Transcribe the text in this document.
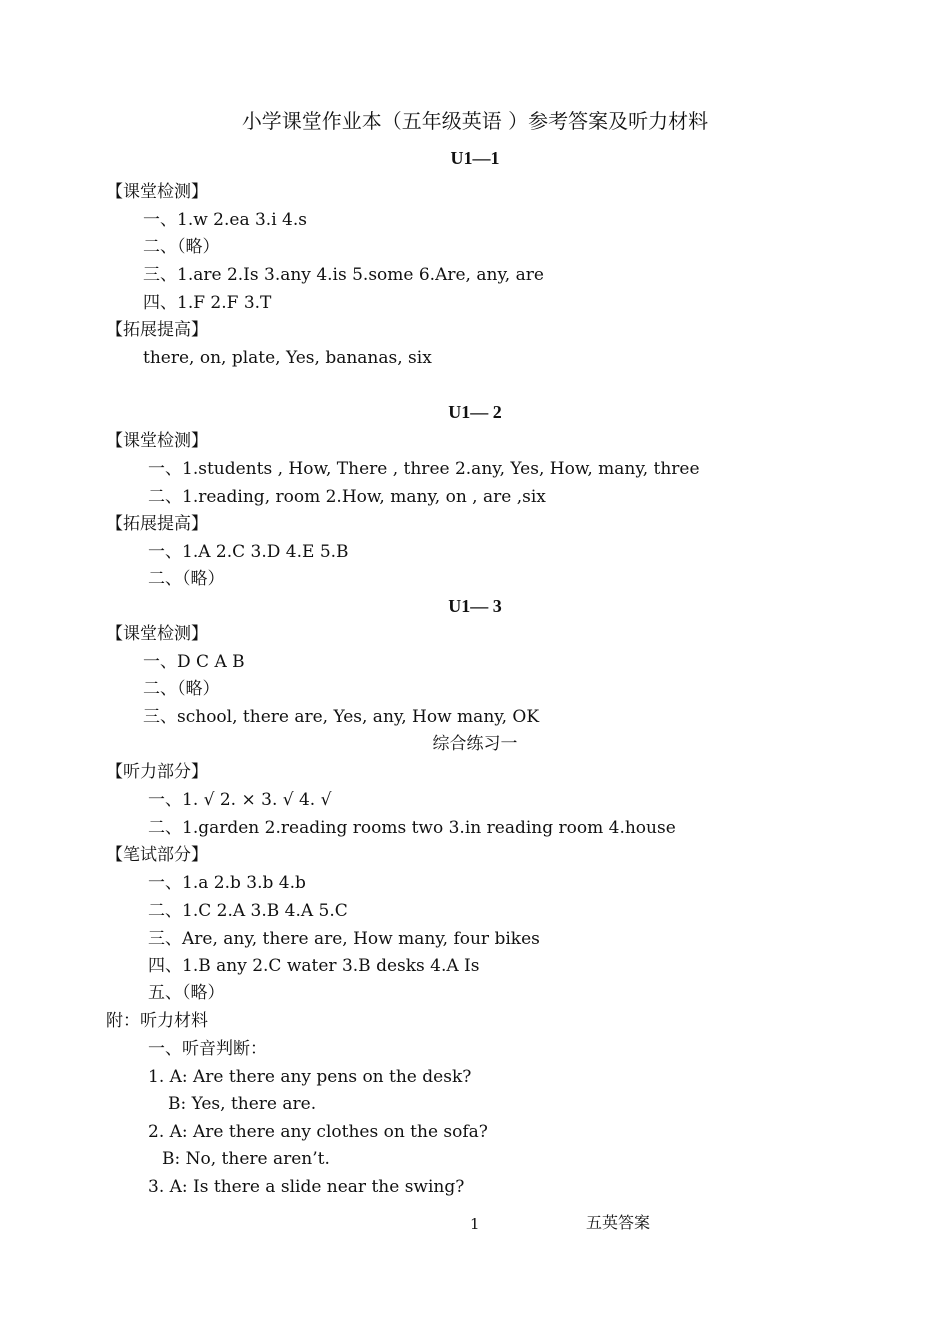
小学课堂作业本（五年级英语 ）参考答案及听力材料
U1—1
【课堂检测】
一、1.w 2.ea 3.i 4.s
二、（略）
三、1.are 2.Is 3.any 4.is 5.some 6.Are, any, are
四、1.F 2.F 3.T
【拓展提高】
there, on, plate, Yes, bananas, six
U1— 2
【课堂检测】
一、1.students , How, There , three 2.any, Yes, How, many, three
二、1.reading, room 2.How, many, on , are ,six
【拓展提高】
一、1.A 2.C 3.D 4.E 5.B
二、（略）
U1— 3
【课堂检测】
一、D C A B
二、（略）
三、school, there are, Yes, any, How many, OK
综合练习一
【听力部分】
一、1. √ 2. × 3. √ 4. √
二、1.garden 2.reading rooms two 3.in reading room 4.house
【笔试部分】
一、1.a 2.b 3.b 4.b
二、1.C 2.A 3.B 4.A 5.C
三、Are, any, there are, How many, four bikes
四、1.B any 2.C water 3.B desks 4.A Is
五、（略）
附：听力材料
一、听音判断：
1. A: Are there any pens on the desk?
B: Yes, there are.
2. A: Are there any clothes on the sofa?
B: No, there aren’t.
3. A: Is there a slide near the swing?
1	五英答案
